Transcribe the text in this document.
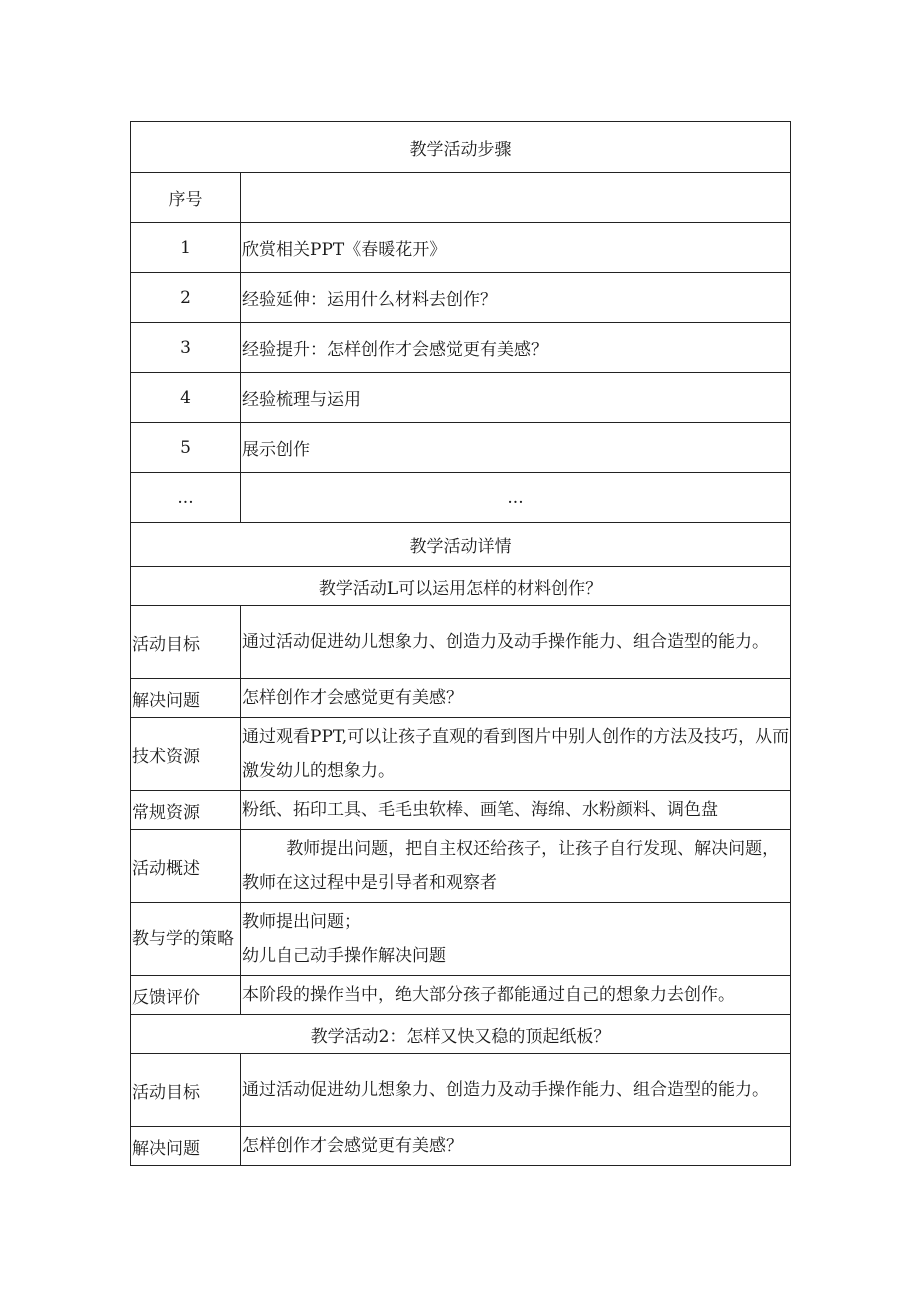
教学活动步骤	
序号	
1	欣赏相关PPT《春暖花开》
2	经验延伸：运用什么材料去创作？
3	经验提升：怎样创作才会感觉更有美感？
4	经验梳理与运用
5	展示创作
...	...
教学活动详情	
教学活动L可以运用怎样的材料创作？	
活动目标	通过活动促进幼儿想象力、创造力及动手操作能力、组合造型的能力。
解决问题	怎样创作才会感觉更有美感？
技术资源	通过观看PPT,可以让孩子直观的看到图片中别人创作的方法及技巧，从而激发幼儿的想象力。
常规资源	粉纸、拓印工具、毛毛虫软棒、画笔、海绵、水粉颜料、调色盘
活动概述	教师提出问题，把自主权还给孩子，让孩子自行发现、解决问题，教师在这过程中是引导者和观察者
教与学的策略	教师提出问题；
幼儿自己动手操作解决问题

反馈评价	本阶段的操作当中，绝大部分孩子都能通过自己的想象力去创作。
教学活动2：怎样又快又稳的顶起纸板？	
活动目标	通过活动促进幼儿想象力、创造力及动手操作能力、组合造型的能力。
解决问题	怎样创作才会感觉更有美感？
